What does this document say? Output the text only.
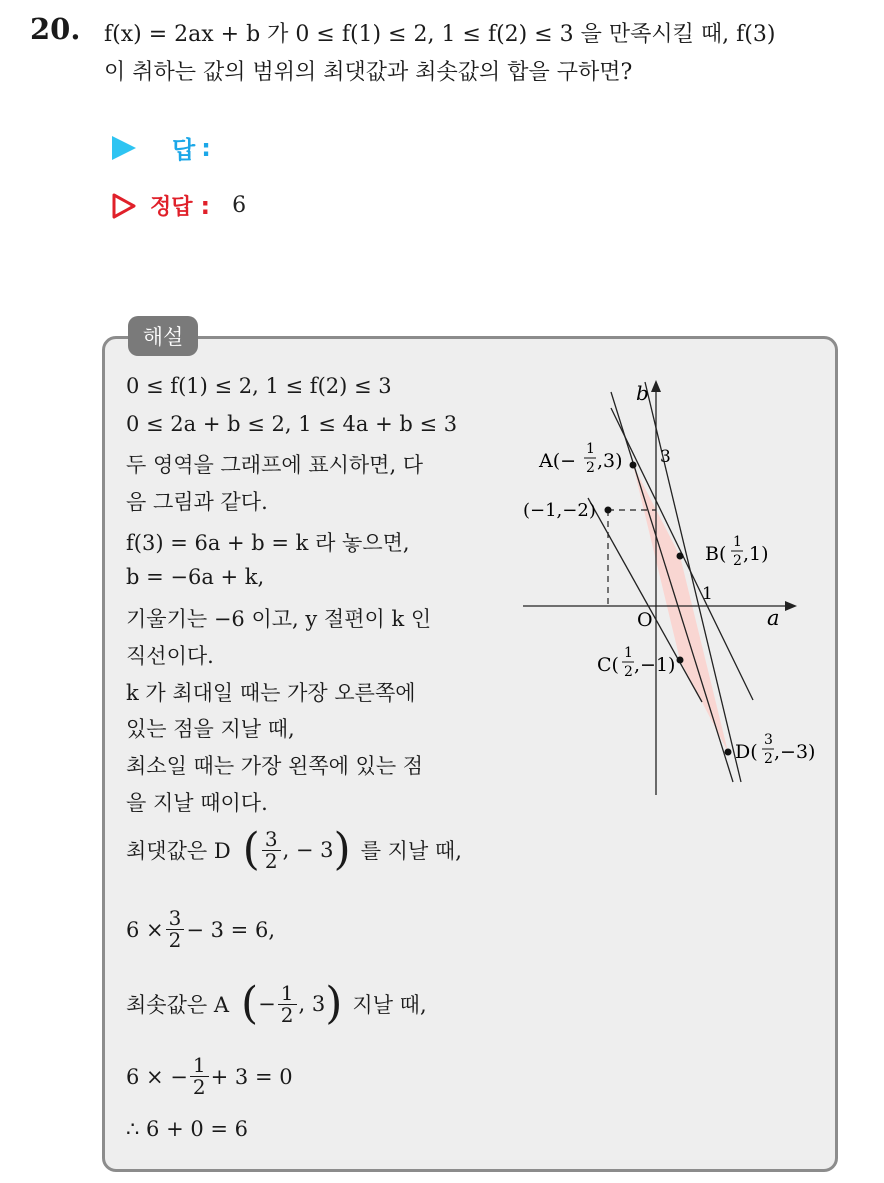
20. f(x) = 2ax + b 가 0 ≤ f(1) ≤ 2, 1 ≤ f(2) ≤ 3 을 만족시킬 때, f(3)
이 취하는 값의 범위의 최댓값과 최솟값의 합을 구하면?
답 :
정답 : 6
해설
0 ≤ f(1) ≤ 2, 1 ≤ f(2) ≤ 3
0 ≤ 2a + b ≤ 2, 1 ≤ 4a + b ≤ 3
두 영역을 그래프에 표시하면, 다
음 그림과 같다.
f(3) = 6a + b = k 라 놓으면,
b = −6a + k,
기울기는 −6 이고, y 절편이 k 인
직선이다.
k 가 최대일 때는 가장 오른쪽에
있는 점을 지날 때,
최소일 때는 가장 왼쪽에 있는 점
을 지날 때이다.
최댓값은 D ( $\frac{3}{2}$ , − 3 ) 를 지날 때,
$6 \times \frac{3}{2} - 3 = 6$,
최솟값은 A ( − $\frac{1}{2}$ , 3 ) 지날 때,
6 × − $\frac{1}{2} + 3 = 0$
∴ 6 + 0 = 6
b
a
O
3
1
A(−
1
2 ,3)
(−1,−2)
B(
1
2 ,1)
C(
1
2 ,−1)
D(
3
2 ,−3)
